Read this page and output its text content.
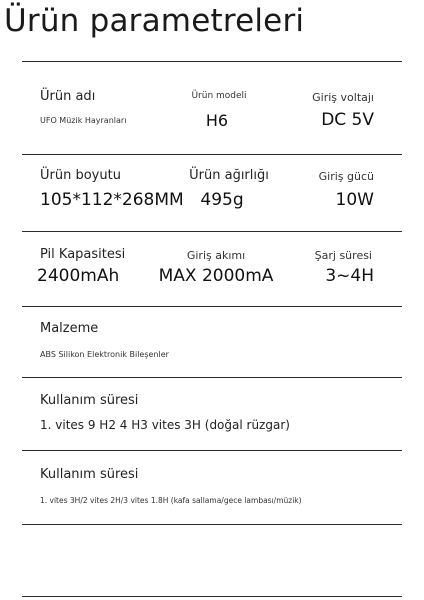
Ürün parametreleri
Ürün adı
UFO Müzik Hayranları
Ürün modeli
H6
Giriş voltajı
DC 5V
Ürün boyutu
105*112*268MM
Ürün ağırlığı
495g
Giriş gücü
10W
Pil Kapasitesi
2400mAh
Giriş akımı
MAX 2000mA
Şarj süresi
3~4H
Malzeme
ABS Silikon Elektronik Bileşenler
Kullanım süresi
1. vites 9 H2 4 H3 vites 3H (doğal rüzgar)
Kullanım süresi
1. vites 3H/2 vites 2H/3 vites 1.8H (kafa sallama/gece lambası/müzik)
